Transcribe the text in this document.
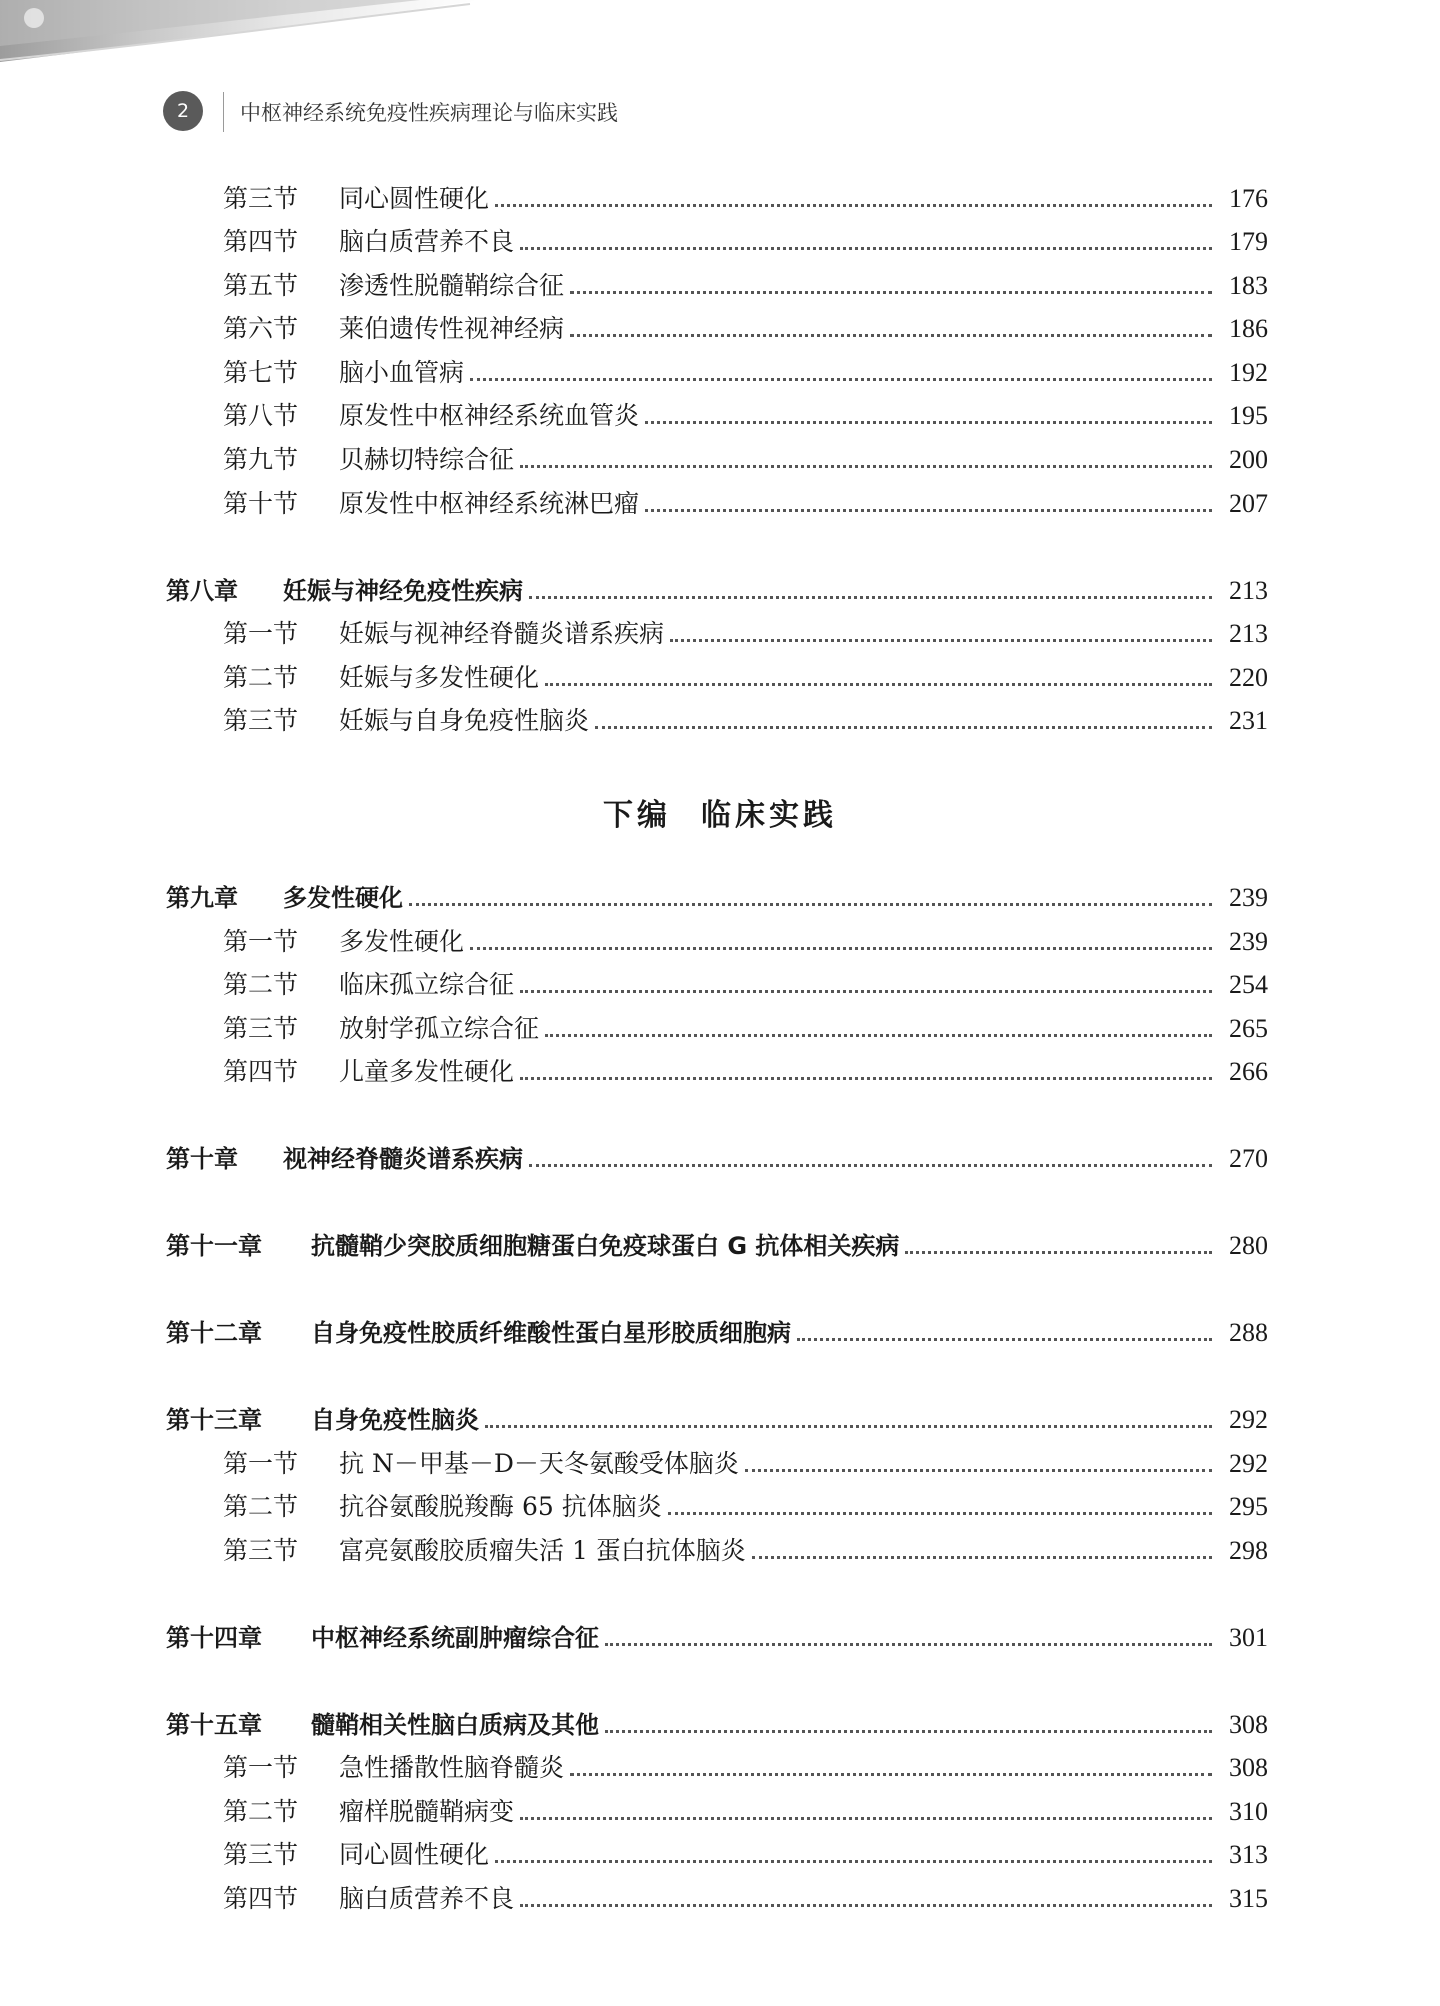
2	中枢神经系统免疫性疾病理论与临床实践
第三节 同心圆性硬化	176
第四节 脑白质营养不良	179
第五节 渗透性脱髓鞘综合征	183
第六节 莱伯遗传性视神经病	186
第七节 脑小血管病	192
第八节 原发性中枢神经系统血管炎	195
第九节 贝赫切特综合征	200
第十节 原发性中枢神经系统淋巴瘤	207
第八章 妊娠与神经免疫性疾病	213
第一节 妊娠与视神经脊髓炎谱系疾病	213
第二节 妊娠与多发性硬化	220
第三节 妊娠与自身免疫性脑炎	231
下编 临床实践
第九章 多发性硬化	239
第一节 多发性硬化	239
第二节 临床孤立综合征	254
第三节 放射学孤立综合征	265
第四节 儿童多发性硬化	266
第十章 视神经脊髓炎谱系疾病	270
第十一章 抗髓鞘少突胶质细胞糖蛋白免疫球蛋白 G 抗体相关疾病	280
第十二章 自身免疫性胶质纤维酸性蛋白星形胶质细胞病	288
第十三章 自身免疫性脑炎	292
第一节 抗 N－甲基－D－天冬氨酸受体脑炎	292
第二节 抗谷氨酸脱羧酶 65 抗体脑炎	295
第三节 富亮氨酸胶质瘤失活 1 蛋白抗体脑炎	298
第十四章 中枢神经系统副肿瘤综合征	301
第十五章 髓鞘相关性脑白质病及其他	308
第一节 急性播散性脑脊髓炎	308
第二节 瘤样脱髓鞘病变	310
第三节 同心圆性硬化	313
第四节 脑白质营养不良	315
